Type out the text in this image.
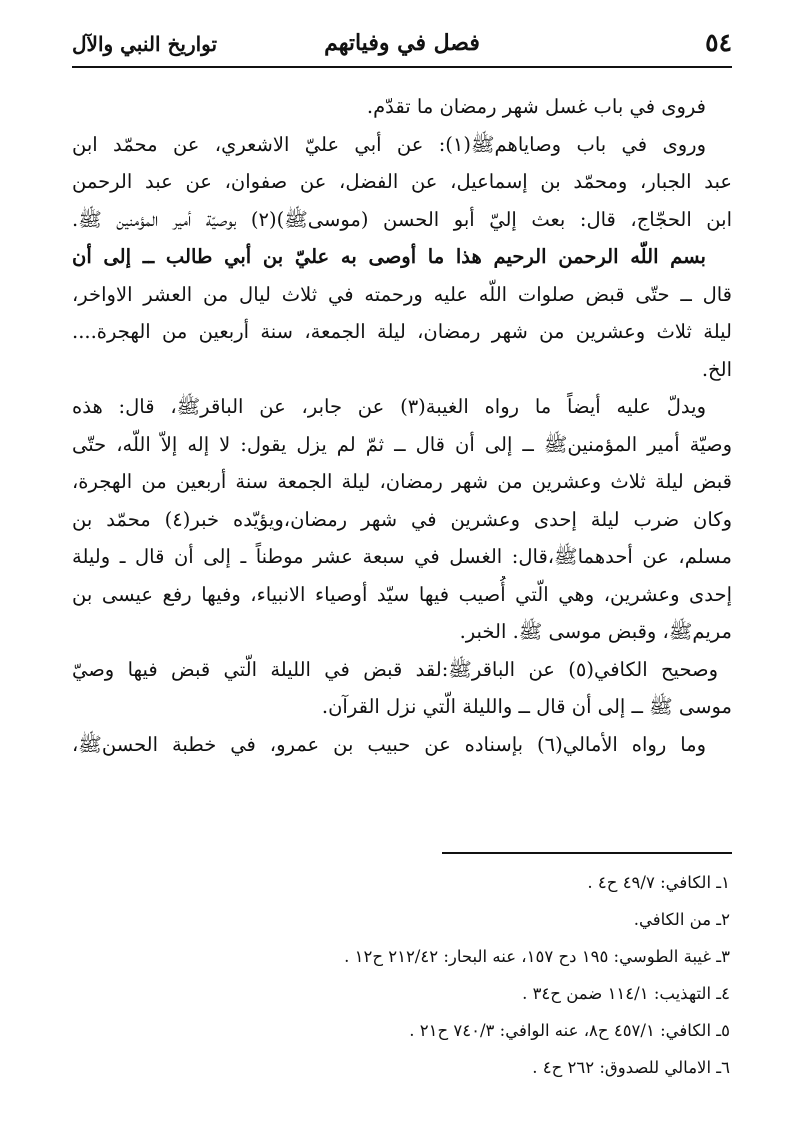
٥٤
فصل في وفياتهم
تواريخ النبي والآل
فروى في باب غسل شهر رمضان ما تقدّم.
وروى في باب وصاياهمﷺ(١): عن أبي عليّ الاشعري، عن محمّد ابن
عبد الجبار، ومحمّد بن إسماعيل، عن الفضل، عن صفوان، عن عبد الرحمن
ابن الحجّاج، قال: بعث إليّ أبو الحسن (موسىﷺ)(٢) بوصيّة أمير المؤمنين ﷺ.
بسم اللّه الرحمن الرحيم هذا ما أوصى به عليّ بن أبي طالب ــ إلى أن
قال ــ حتّى قبض صلوات اللّه عليه ورحمته في ثلاث ليال من العشر الاواخر،
ليلة ثلاث وعشرين من شهر رمضان، ليلة الجمعة، سنة أربعين من الهجرة....
الخ.
ويدلّ عليه أيضاً ما رواه الغيبة(٣) عن جابر، عن الباقرﷺ، قال: هذه
وصيّة أمير المؤمنينﷺ ــ إلى أن قال ــ ثمّ لم يزل يقول: لا إله إلاّ اللّه، حتّى
قبض ليلة ثلاث وعشرين من شهر رمضان، ليلة الجمعة سنة أربعين من الهجرة،
وكان ضرب ليلة إحدى وعشرين في شهر رمضان،ويؤيّده خبر(٤) محمّد بن
مسلم، عن أحدهماﷺ،قال: الغسل في سبعة عشر موطناً ـ إلى أن قال ـ وليلة
إحدى وعشرين، وهي الّتي أُصيب فيها سيّد أوصياء الانبياء، وفيها رفع عيسى بن
مريمﷺ، وقبض موسى ﷺ. الخبر.
وصحيح الكافي(٥) عن الباقرﷺ:لقد قبض في الليلة الّتي قبض فيها وصيّ
موسى ﷺ ــ إلى أن قال ــ والليلة الّتي نزل القرآن.
وما رواه الأمالي(٦) بإسناده عن حبيب بن عمرو، في خطبة الحسنﷺ،
١ـ الكافي: ٤٩/٧ ح٤ .
٢ـ من الكافي.
٣ـ غيبة الطوسي: ١٩٥ دح ١٥٧، عنه البحار: ٢١٢/٤٢ ح١٢ .
٤ـ التهذيب: ١١٤/١ ضمن ح٣٤ .
٥ـ الكافي: ٤٥٧/١ ح٨، عنه الوافي: ٧٤٠/٣ ح٢١ .
٦ـ الامالي للصدوق: ٢٦٢ ح٤ .
